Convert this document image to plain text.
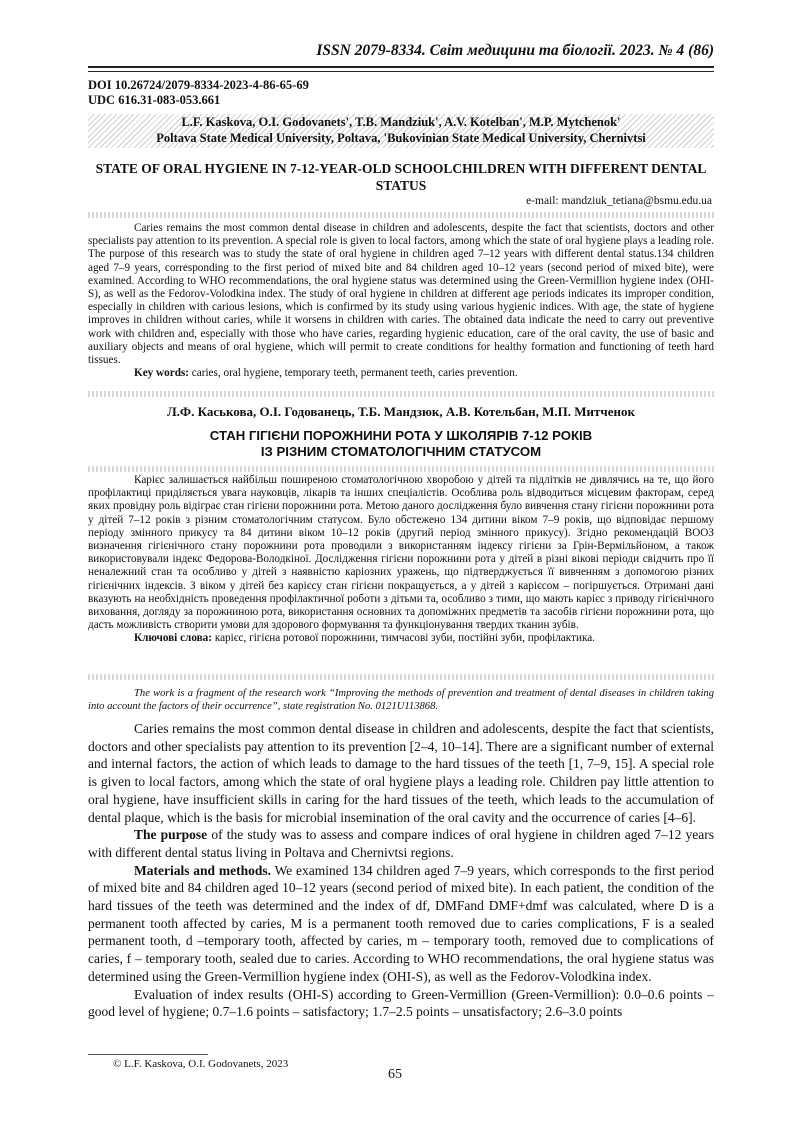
ISSN 2079-8334. Світ медицини та біології. 2023. № 4 (86)
DOI 10.26724/2079-8334-2023-4-86-65-69
UDC 616.31-083-053.661
L.F. Kaskova, O.I. Godovanets', T.B. Mandziuk', A.V. Kotelban', M.P. Mytchenok'
Poltava State Medical University, Poltava, 'Bukovinian State Medical University, Chernivtsi
STATE OF ORAL HYGIENE IN 7-12-YEAR-OLD SCHOOLCHILDREN WITH DIFFERENT DENTAL STATUS
e-mail: mandziuk_tetiana@bsmu.edu.ua

Caries remains the most common dental disease in children and adolescents, despite the fact that scientists, doctors and other specialists pay attention to its prevention. A special role is given to local factors, among which the state of oral hygiene plays a leading role. The purpose of this research was to study the state of oral hygiene in children aged 7–12 years with different dental status.134 children aged 7–9 years, corresponding to the first period of mixed bite and 84 children aged 10–12 years (second period of mixed bite), were examined. According to WHO recommendations, the oral hygiene status was determined using the Green-Vermillion hygiene index (OHI-S), as well as the Fedorov-Volodkina index. The study of oral hygiene in children at different age periods indicates its improper condition, especially in children with carious lesions, which is confirmed by its study using various hygienic indices. With age, the state of hygiene improves in children without caries, while it worsens in children with caries. The obtained data indicate the need to carry out preventive work with children and, especially with those who have caries, regarding hygienic education, care of the oral cavity, the use of basic and auxiliary objects and means of oral hygiene, which will permit to create conditions for healthy formation and functioning of teeth hard tissues.

Key words: caries, oral hygiene, temporary teeth, permanent teeth, caries prevention.

Л.Ф. Каськова, О.І. Годованець, Т.Б. Мандзюк, А.В. Котельбан, М.П. Митченок
СТАН ГІГІЄНИ ПОРОЖНИНИ РОТА У ШКОЛЯРІВ 7-12 РОКІВ
ІЗ РІЗНИМ СТОМАТОЛОГІЧНИМ СТАТУСОМ

Карієс залишається найбільш поширеною стоматологічною хворобою у дітей та підлітків не дивлячись на те, що його профілактиці приділяється увага науковців, лікарів та інших спеціалістів. Особлива роль відводиться місцевим факторам, серед яких провідну роль відіграє стан гігієни порожнини рота. Метою даного дослідження було вивчення стану гігієни порожнини рота у дітей 7–12 років з різним стоматологічним статусом. Було обстежено 134 дитини віком 7–9 років, що відповідає першому періоду змінного прикусу та 84 дитини віком 10–12 років (другий період змінного прикусу). Згідно рекомендацій ВООЗ визначення гігієнічного стану порожнини рота проводили з використанням індексу гігієни за Грін-Вермільйоном, а також використовували індекс Федорова-Володкіної. Дослідження гігієни порожнини рота у дітей в різні вікові періоди свідчить про її неналежний стан та особливо у дітей з наявністю каріозних уражень, що підтверджується її вивченням з допомогою різних гігієнічних індексів. З віком у дітей без карієсу стан гігієни покращується, а у дітей з карієсом – погіршується. Отримані дані вказують на необхідність проведення профілактичної роботи з дітьми та, особливо з тими, що мають карієс з приводу гігієнічного виховання, догляду за порожниною рота, використання основних та допоміжних предметів та засобів гігієни порожнини рота, що дасть можливість створити умови для здорового формування та функціонування твердих тканин зубів.

Ключові слова: карієс, гігієна ротової порожнини, тимчасові зуби, постійні зуби, профілактика.

The work is a fragment of the research work “Improving the methods of prevention and treatment of dental diseases in children taking into account the factors of their occurrence”, state registration No. 0121U113868.

Caries remains the most common dental disease in children and adolescents, despite the fact that scientists, doctors and other specialists pay attention to its prevention [2–4, 10–14]. There are a significant number of external and internal factors, the action of which leads to damage to the hard tissues of the teeth [1, 7–9, 15]. A special role is given to local factors, among which the state of oral hygiene plays a leading role. Children pay little attention to oral hygiene, have insufficient skills in caring for the hard tissues of the teeth, which leads to the accumulation of dental plaque, which is the basis for microbial insemination of the oral cavity and the occurrence of caries [4–6].

The purpose of the study was to assess and compare indices of oral hygiene in children aged 7–12 years with different dental status living in Poltava and Chernivtsi regions.

Materials and methods. We examined 134 children aged 7–9 years, which corresponds to the first period of mixed bite and 84 children aged 10–12 years (second period of mixed bite). In each patient, the condition of the hard tissues of the teeth was determined and the index of df, DMFand DMF+dmf was calculated, where D is a permanent tooth affected by caries, M is a permanent tooth removed due to caries complications, F is a sealed permanent tooth, d –temporary tooth, affected by caries, m – temporary tooth, removed due to complications of caries, f – temporary tooth, sealed due to caries. According to WHO recommendations, the oral hygiene status was determined using the Green-Vermillion hygiene index (OHI-S), as well as the Fedorov-Volodkina index.

Evaluation of index results (OHI-S) according to Green-Vermillion (Green-Vermillion): 0.0–0.6 points – good level of hygiene; 0.7–1.6 points – satisfactory; 1.7–2.5 points – unsatisfactory; 2.6–3.0 points

© L.F. Kaskova, O.I. Godovanets, 2023
65
